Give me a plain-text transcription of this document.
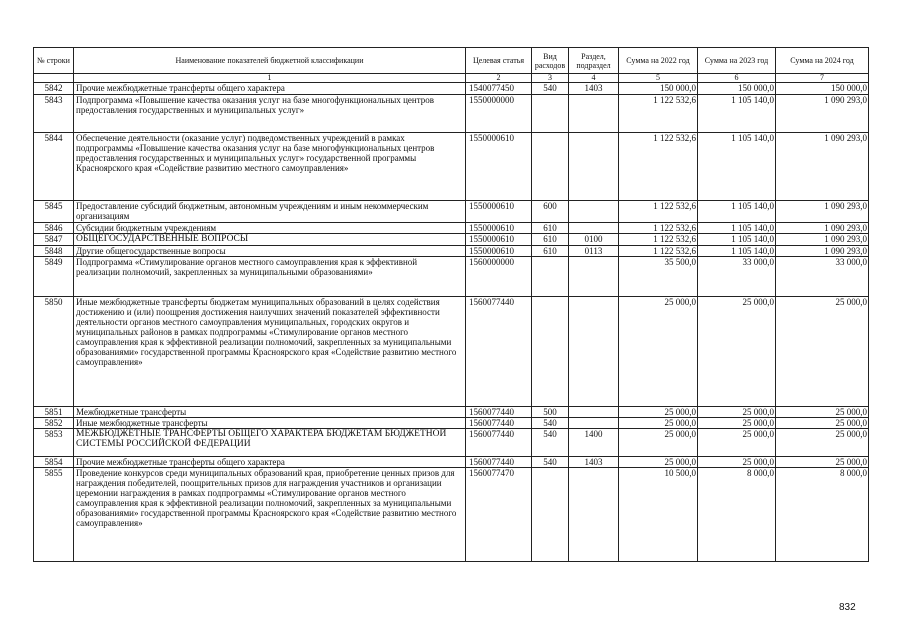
№ строки	Наименование показателей бюджетной классификации	Целевая статья	Вид расходов	Раздел, подраздел	Сумма на 2022 год	Сумма на 2023 год	Сумма на 2024 год
	1	2	3	4	5	6	7
5842	Прочие межбюджетные трансферты общего характера	1540077450	540	1403	150 000,0	150 000,0	150 000,0
5843	Подпрограмма «Повышение качества оказания услуг на базе многофункциональных центров предоставления государственных и муниципальных услуг»	1550000000			1 122 532,6	1 105 140,0	1 090 293,0
5844	Обеспечение деятельности (оказание услуг) подведомственных учреждений в рамках подпрограммы «Повышение качества оказания услуг на базе многофункциональных центров предоставления государственных и муниципальных услуг» государственной программы Красноярского края «Содействие развитию местного самоуправления»	1550000610			1 122 532,6	1 105 140,0	1 090 293,0
5845	Предоставление субсидий бюджетным, автономным учреждениям и иным некоммерческим организациям	1550000610	600		1 122 532,6	1 105 140,0	1 090 293,0
5846	Субсидии бюджетным учреждениям	1550000610	610		1 122 532,6	1 105 140,0	1 090 293,0
5847	ОБЩЕГОСУДАРСТВЕННЫЕ ВОПРОСЫ	1550000610	610	0100	1 122 532,6	1 105 140,0	1 090 293,0
5848	Другие общегосударственные вопросы	1550000610	610	0113	1 122 532,6	1 105 140,0	1 090 293,0
5849	Подпрограмма «Стимулирование органов местного самоуправления края к эффективной реализации полномочий, закрепленных за муниципальными образованиями»	1560000000			35 500,0	33 000,0	33 000,0
5850	Иные межбюджетные трансферты бюджетам муниципальных образований в целях содействия достижению и (или) поощрения достижения наилучших значений показателей эффективности деятельности органов местного самоуправления муниципальных, городских округов и муниципальных районов в рамках подпрограммы «Стимулирование органов местного самоуправления края к эффективной реализации полномочий, закрепленных за муниципальными образованиями» государственной программы Красноярского края «Содействие развитию местного самоуправления»	1560077440			25 000,0	25 000,0	25 000,0
5851	Межбюджетные трансферты	1560077440	500		25 000,0	25 000,0	25 000,0
5852	Иные межбюджетные трансферты	1560077440	540		25 000,0	25 000,0	25 000,0
5853	МЕЖБЮДЖЕТНЫЕ ТРАНСФЕРТЫ ОБЩЕГО ХАРАКТЕРА БЮДЖЕТАМ БЮДЖЕТНОЙ СИСТЕМЫ РОССИЙСКОЙ ФЕДЕРАЦИИ	1560077440	540	1400	25 000,0	25 000,0	25 000,0
5854	Прочие межбюджетные трансферты общего характера	1560077440	540	1403	25 000,0	25 000,0	25 000,0
5855	Проведение конкурсов среди муниципальных образований края, приобретение ценных призов для награждения победителей, поощрительных призов для награждения участников и организации церемонии награждения в рамках подпрограммы «Стимулирование органов местного самоуправления края к эффективной реализации полномочий, закрепленных за муниципальными образованиями» государственной программы Красноярского края «Содействие развитию местного самоуправления»	1560077470			10 500,0	8 000,0	8 000,0
832
